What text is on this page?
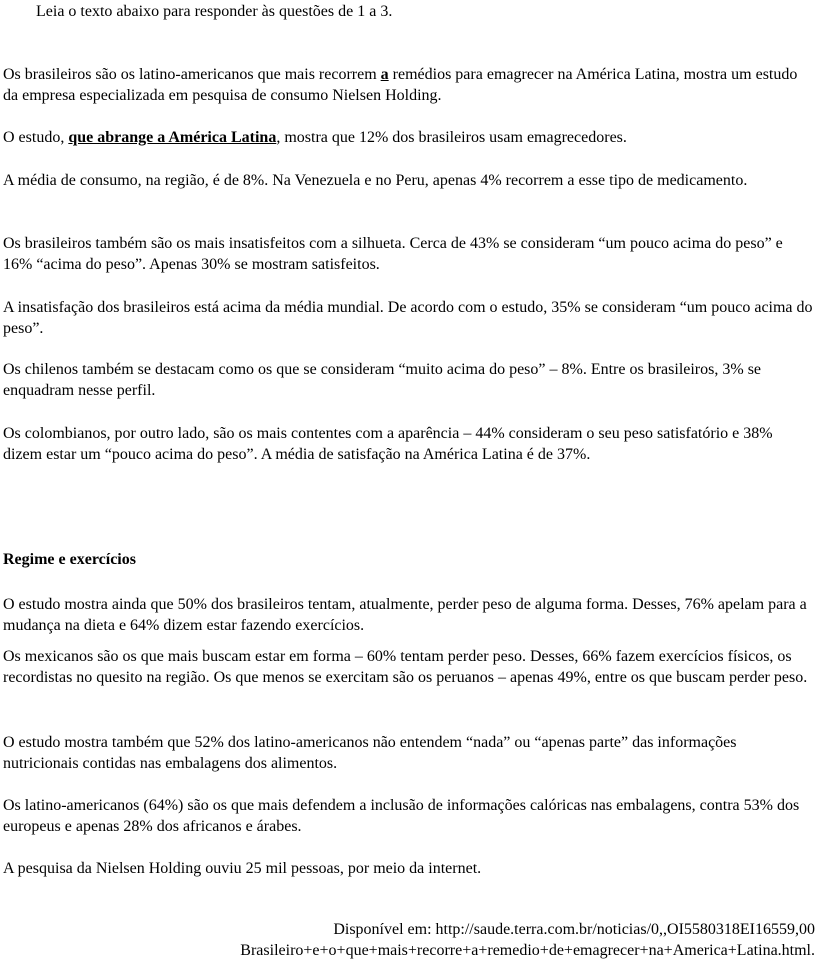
Leia o texto abaixo para responder às questões de 1 a 3.

Os brasileiros são os latino-americanos que mais recorrem a remédios para emagrecer na América Latina, mostra um estudo da empresa especializada em pesquisa de consumo Nielsen Holding.

O estudo, que abrange a América Latina, mostra que 12% dos brasileiros usam emagrecedores.

A média de consumo, na região, é de 8%. Na Venezuela e no Peru, apenas 4% recorrem a esse tipo de medicamento.

Os brasileiros também são os mais insatisfeitos com a silhueta. Cerca de 43% se consideram “um pouco acima do peso” e 16% “acima do peso”. Apenas 30% se mostram satisfeitos.

A insatisfação dos brasileiros está acima da média mundial. De acordo com o estudo, 35% se consideram “um pouco acima do peso”.

Os chilenos também se destacam como os que se consideram “muito acima do peso” – 8%. Entre os brasileiros, 3% se enquadram nesse perfil.

Os colombianos, por outro lado, são os mais contentes com a aparência – 44% consideram o seu peso satisfatório e 38% dizem estar um “pouco acima do peso”. A média de satisfação na América Latina é de 37%.

Regime e exercícios

O estudo mostra ainda que 50% dos brasileiros tentam, atualmente, perder peso de alguma forma. Desses, 76% apelam para a mudança na dieta e 64% dizem estar fazendo exercícios.

Os mexicanos são os que mais buscam estar em forma – 60% tentam perder peso. Desses, 66% fazem exercícios físicos, os recordistas no quesito na região. Os que menos se exercitam são os peruanos – apenas 49%, entre os que buscam perder peso.

O estudo mostra também que 52% dos latino-americanos não entendem “nada” ou “apenas parte” das informações nutricionais contidas nas embalagens dos alimentos.

Os latino-americanos (64%) são os que mais defendem a inclusão de informações calóricas nas embalagens, contra 53% dos europeus e apenas 28% dos africanos e árabes.

A pesquisa da Nielsen Holding ouviu 25 mil pessoas, por meio da internet.

Disponível em: http://saude.terra.com.br/noticias/0,,OI5580318EI16559,00
Brasileiro+e+o+que+mais+recorre+a+remedio+de+emagrecer+na+America+Latina.html.
